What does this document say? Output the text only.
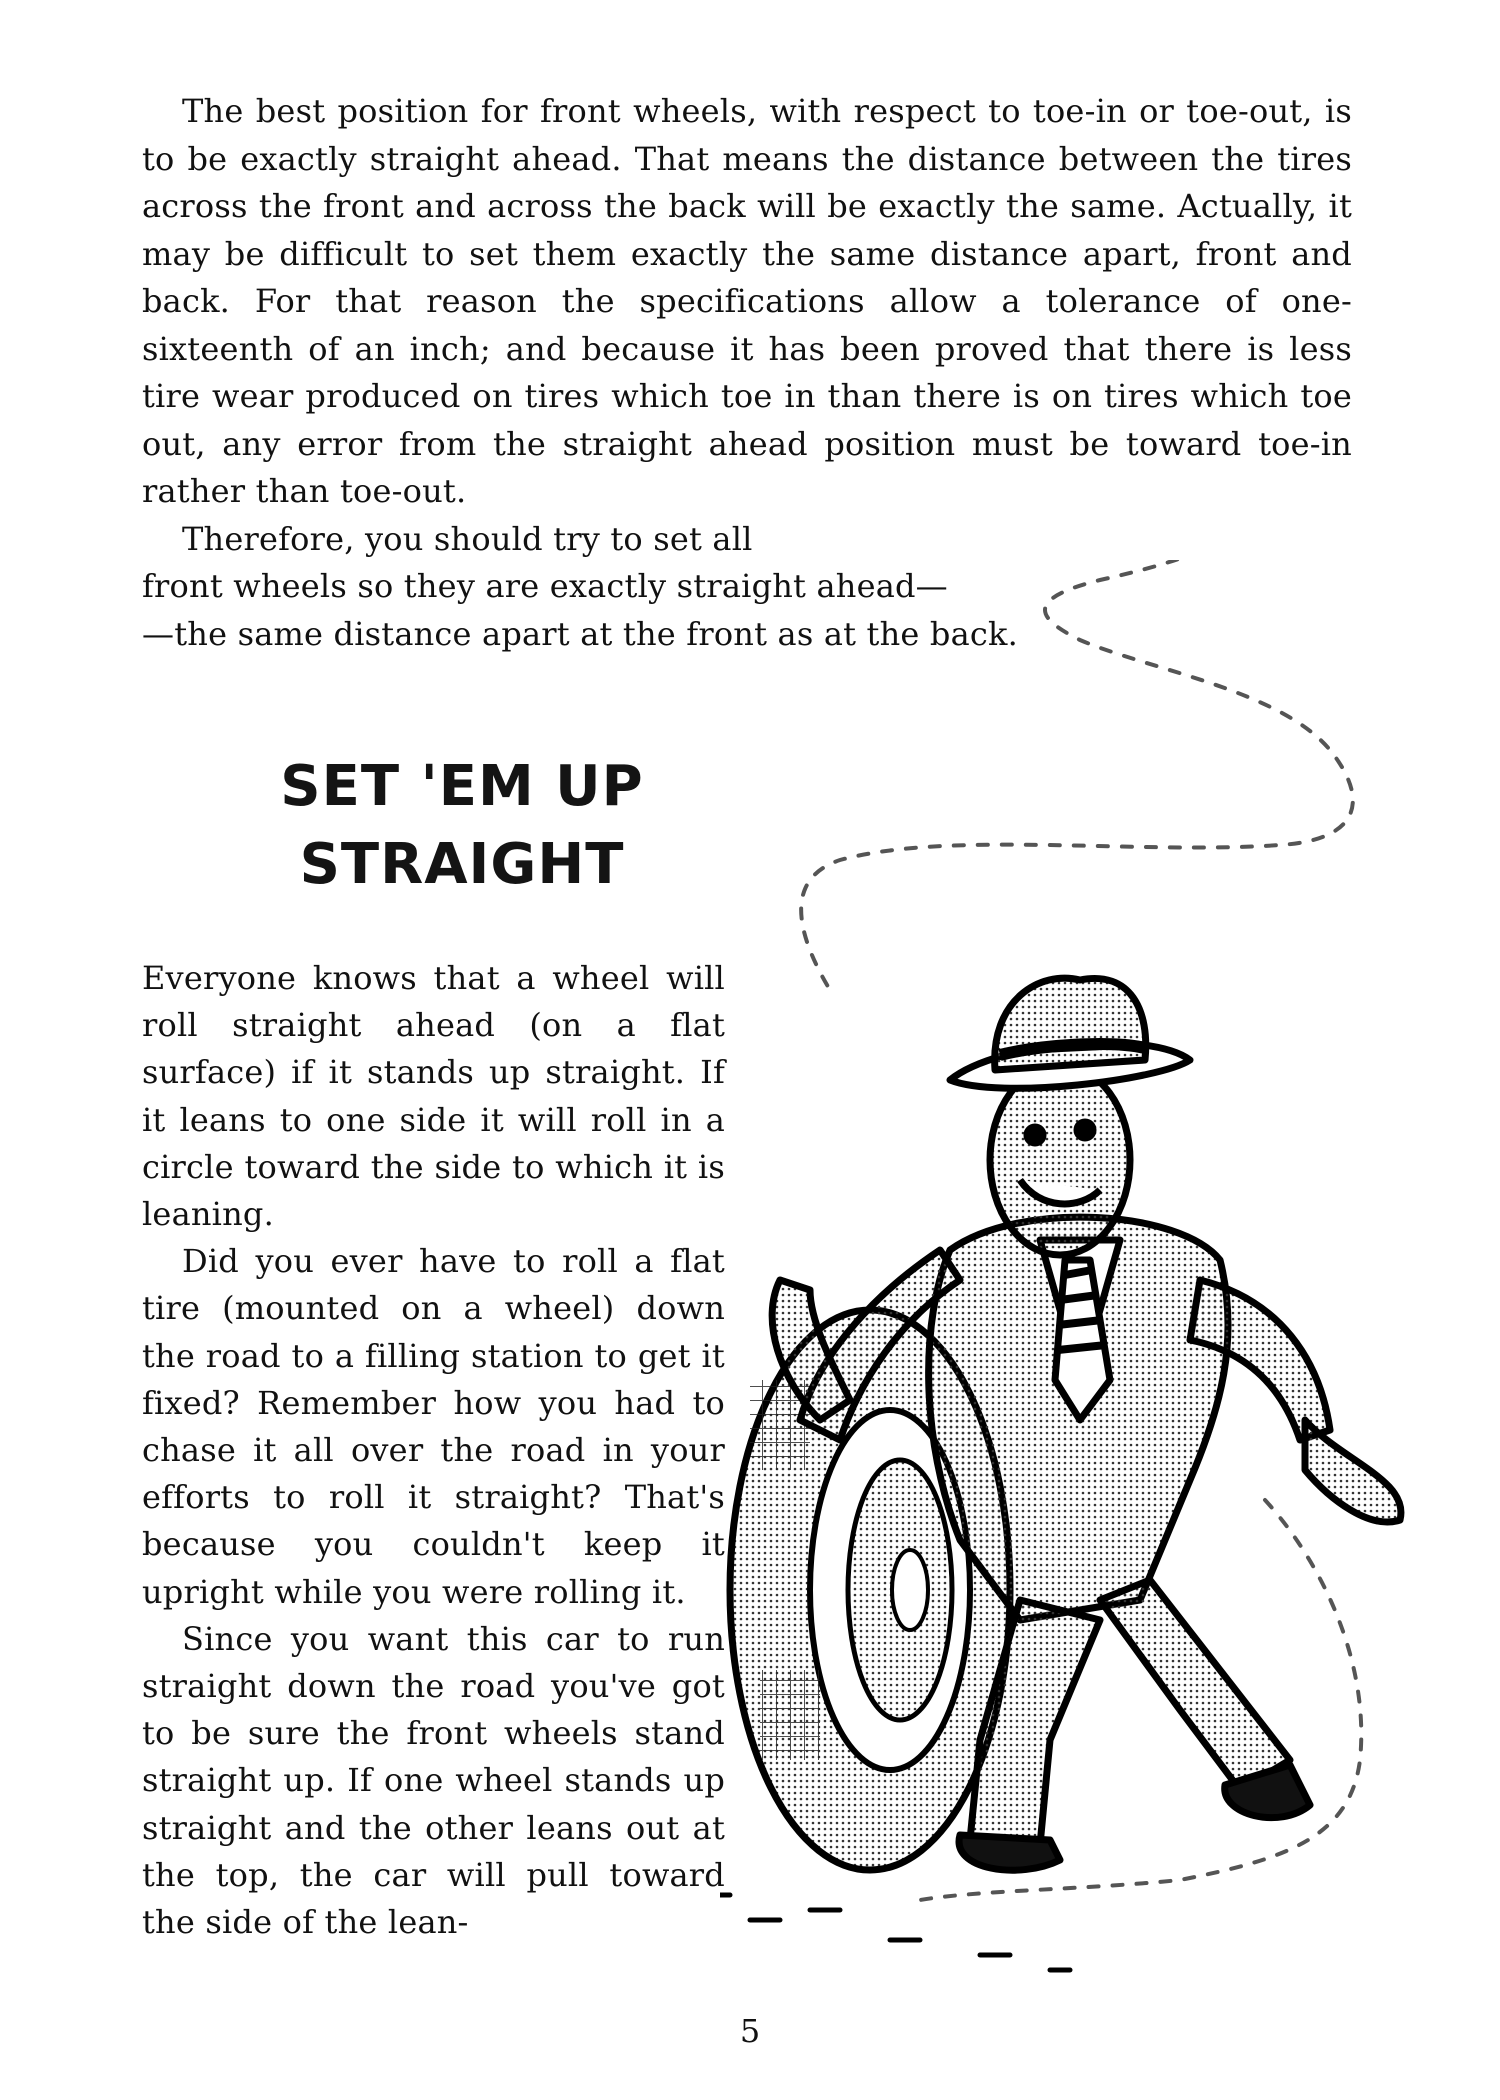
The best position for front wheels, with respect to toe-in or toe-out, is to be exactly straight ahead. That means the distance between the tires across the front and across the back will be exactly the same. Actually, it may be difficult to set them exactly the same distance apart, front and back. For that reason the specifications allow a tolerance of one-sixteenth of an inch; and because it has been proved that there is less tire wear produced on tires which toe in than there is on tires which toe out, any error from the straight ahead position must be toward toe-in rather than toe-out.

Therefore, you should try to set all

front wheels so they are exactly straight ahead—

—the same distance apart at the front as at the back.

SET 'EM UP
STRAIGHT

Everyone knows that a wheel will roll straight ahead (on a flat surface) if it stands up straight. If it leans to one side it will roll in a circle toward the side to which it is leaning.

Did you ever have to roll a flat tire (mounted on a wheel) down the road to a filling station to get it fixed? Remember how you had to chase it all over the road in your efforts to roll it straight? That's because you couldn't keep it upright while you were rolling it.

Since you want this car to run straight down the road you've got to be sure the front wheels stand straight up. If one wheel stands up straight and the other leans out at the top, the car will pull toward the side of the lean-

5
